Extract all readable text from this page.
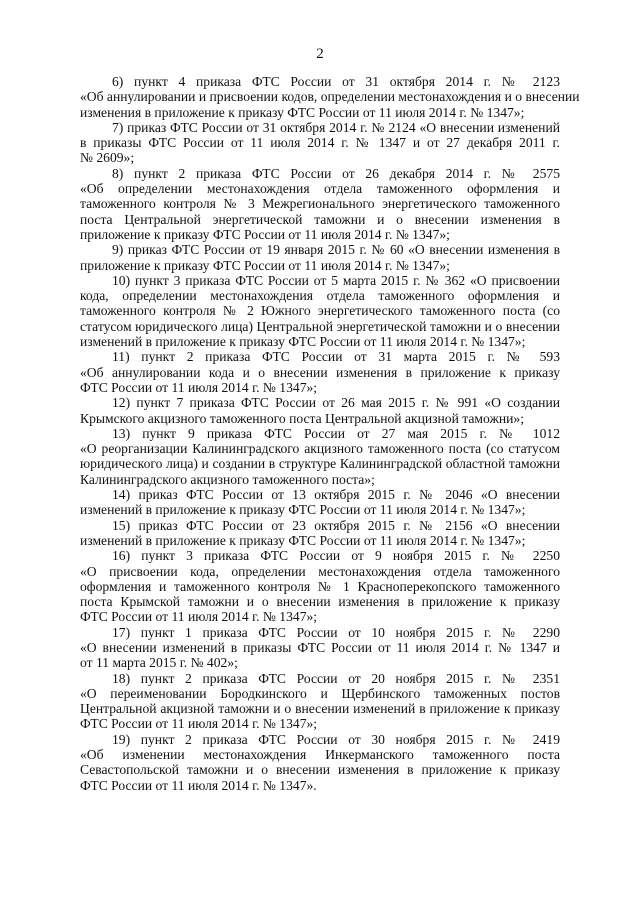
2

6) пункт 4 приказа ФТС России от 31 октября 2014 г. № 2123
«Об аннулировании и присвоении кодов, определении местонахождения и о внесении
изменения в приложение к приказу ФТС России от 11 июля 2014 г. № 1347»;

7) приказ ФТС России от 31 октября 2014 г. № 2124 «О внесении изменений
в приказы ФТС России от 11 июля 2014 г. № 1347 и от 27 декабря 2011 г.
№ 2609»;

8) пункт 2 приказа ФТС России от 26 декабря 2014 г. № 2575
«Об определении местонахождения отдела таможенного оформления и
таможенного контроля № 3 Межрегионального энергетического таможенного
поста Центральной энергетической таможни и о внесении изменения в
приложение к приказу ФТС России от 11 июля 2014 г. № 1347»;

9) приказ ФТС России от 19 января 2015 г. № 60 «О внесении изменения в
приложение к приказу ФТС России от 11 июля 2014 г. № 1347»;

10) пункт 3 приказа ФТС России от 5 марта 2015 г. № 362 «О присвоении
кода, определении местонахождения отдела таможенного оформления и
таможенного контроля № 2 Южного энергетического таможенного поста (со
статусом юридического лица) Центральной энергетической таможни и о внесении
изменений в приложение к приказу ФТС России от 11 июля 2014 г. № 1347»;

11) пункт 2 приказа ФТС России от 31 марта 2015 г. № 593
«Об аннулировании кода и о внесении изменения в приложение к приказу
ФТС России от 11 июля 2014 г. № 1347»;

12) пункт 7 приказа ФТС России от 26 мая 2015 г. № 991 «О создании
Крымского акцизного таможенного поста Центральной акцизной таможни»;

13) пункт 9 приказа ФТС России от 27 мая 2015 г. № 1012
«О реорганизации Калининградского акцизного таможенного поста (со статусом
юридического лица) и создании в структуре Калининградской областной таможни
Калининградского акцизного таможенного поста»;

14) приказ ФТС России от 13 октября 2015 г. № 2046 «О внесении
изменений в приложение к приказу ФТС России от 11 июля 2014 г. № 1347»;

15) приказ ФТС России от 23 октября 2015 г. № 2156 «О внесении
изменений в приложение к приказу ФТС России от 11 июля 2014 г. № 1347»;

16) пункт 3 приказа ФТС России от 9 ноября 2015 г. № 2250
«О присвоении кода, определении местонахождения отдела таможенного
оформления и таможенного контроля № 1 Красноперекопского таможенного
поста Крымской таможни и о внесении изменения в приложение к приказу
ФТС России от 11 июля 2014 г. № 1347»;

17) пункт 1 приказа ФТС России от 10 ноября 2015 г. № 2290
«О внесении изменений в приказы ФТС России от 11 июля 2014 г. № 1347 и
от 11 марта 2015 г. № 402»;

18) пункт 2 приказа ФТС России от 20 ноября 2015 г. № 2351
«О переименовании Бородкинского и Щербинского таможенных постов
Центральной акцизной таможни и о внесении изменений в приложение к приказу
ФТС России от 11 июля 2014 г. № 1347»;

19) пункт 2 приказа ФТС России от 30 ноября 2015 г. № 2419
«Об изменении местонахождения Инкерманского таможенного поста
Севастопольской таможни и о внесении изменения в приложение к приказу
ФТС России от 11 июля 2014 г. № 1347».
